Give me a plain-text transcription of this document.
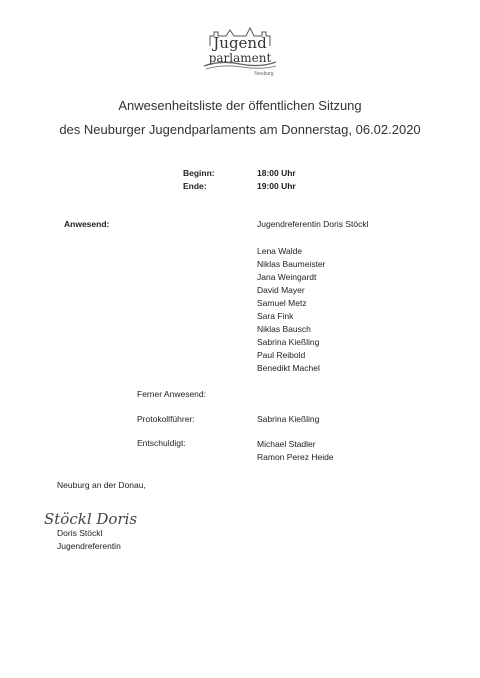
Jugend
parlament
Neuburg
Anwesenheitsliste der öffentlichen Sitzung
des Neuburger Jugendparlaments am Donnerstag, 06.02.2020
Beginn:	18:00 Uhr
Ende:	19:00 Uhr
Anwesend:	Jugendreferentin Doris Stöckl
Lena Walde
Niklas Baumeister
Jana Weingardt
David Mayer
Samuel Metz
Sara Fink
Niklas Bausch
Sabrina Kießling
Paul Reibold
Benedikt Machel
Ferner Anwesend:
Protokollführer:	Sabrina Kießling
Entschuldigt:	Michael Stadler
Ramon Perez Heide
Neuburg an der Donau,
Stöckl Doris
Doris Stöckl
Jugendreferentin
